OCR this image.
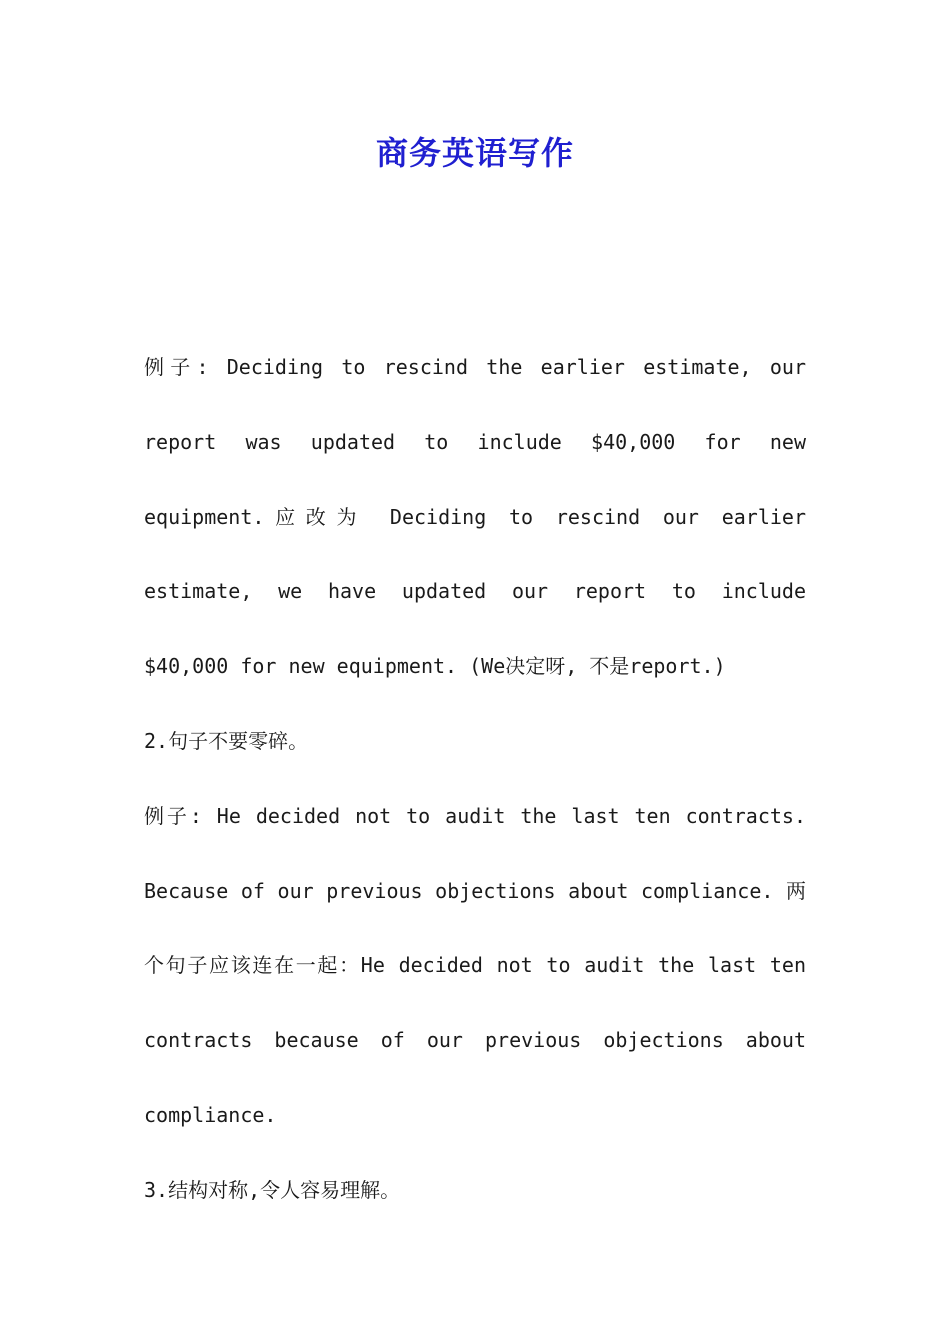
商务英语写作

例子: Deciding to rescind the earlier estimate, our report was updated to include $40,000 for new equipment.应改为 Deciding to rescind our earlier estimate, we have updated our report to include $40,000 for new equipment. (We决定呀, 不是report.)

2.句子不要零碎。

例子: He decided not to audit the last ten contracts. Because of our previous objections about compliance. 两个句子应该连在一起：He decided not to audit the last ten contracts because of our previous objections about compliance.

3.结构对称,令人容易理解。
